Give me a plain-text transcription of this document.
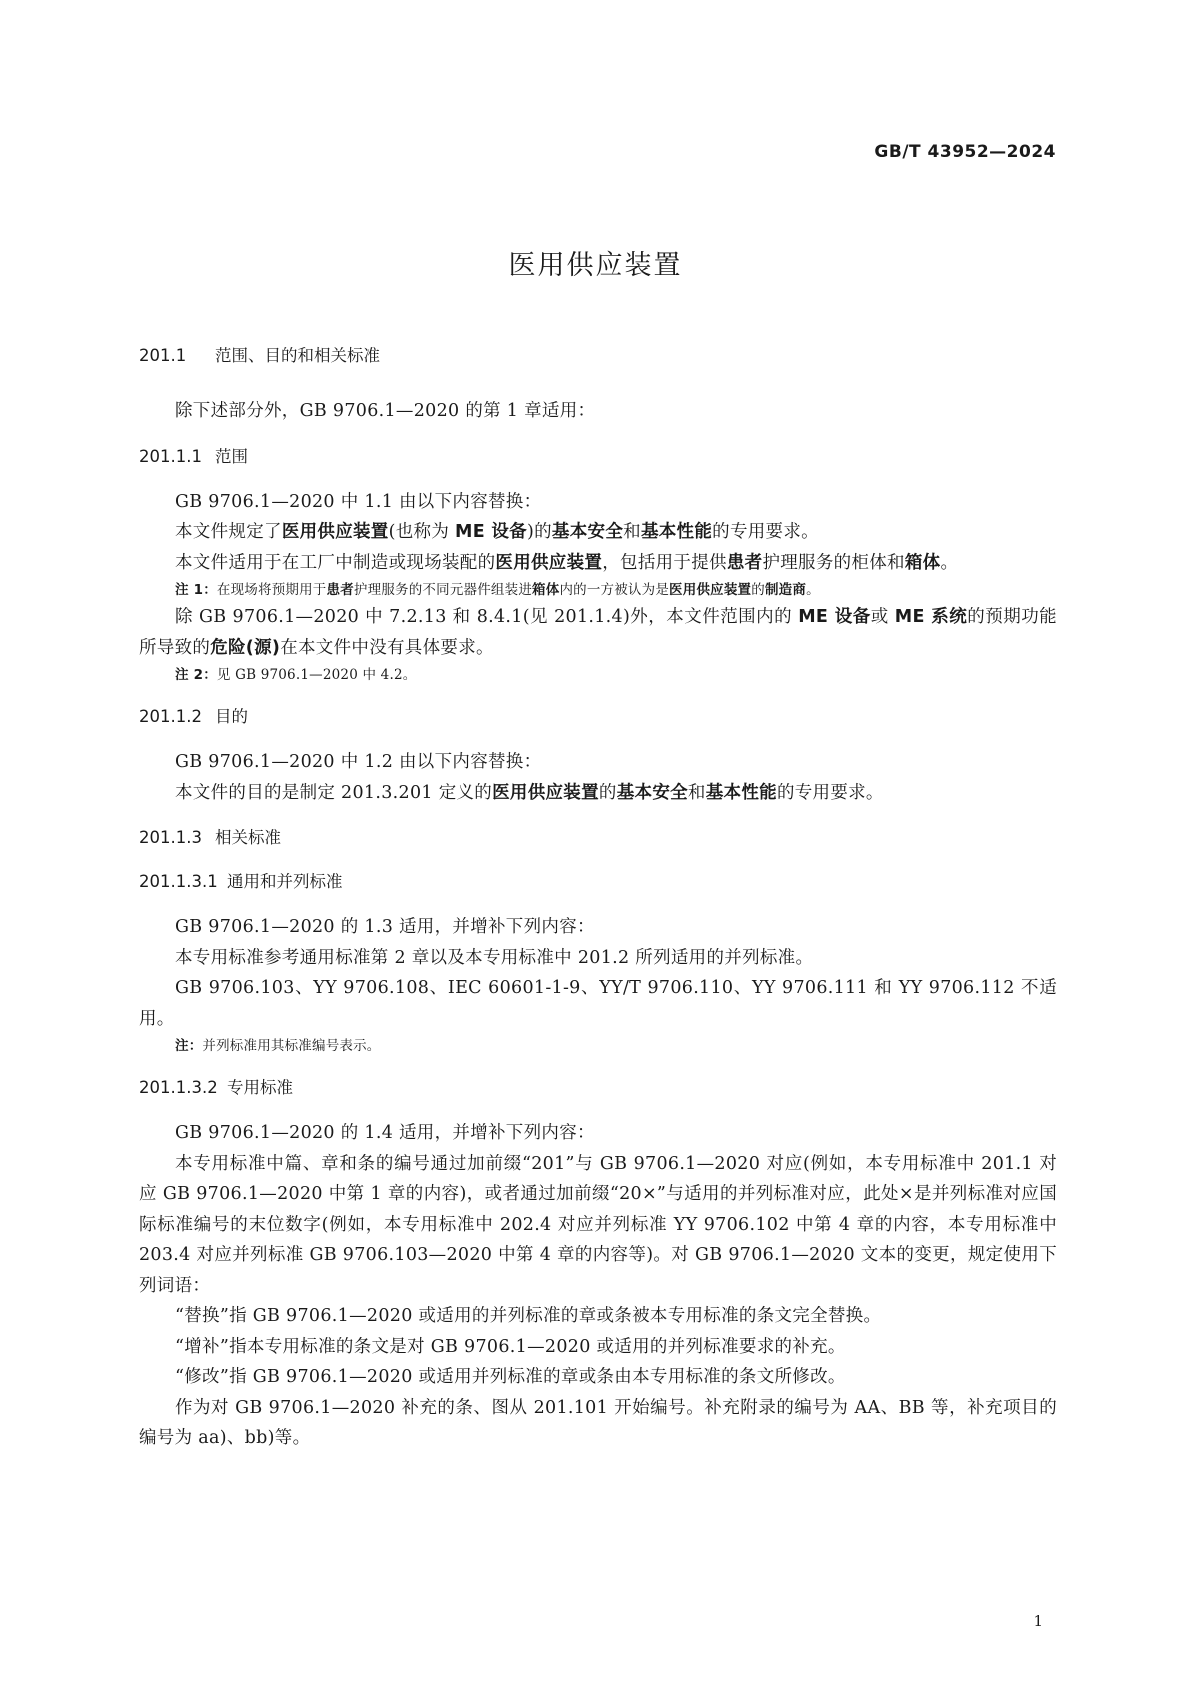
GB/T 43952—2024
医用供应装置
201.1 范围、目的和相关标准

除下述部分外，GB 9706.1—2020 的第 1 章适用：

201.1.1 范围

GB 9706.1—2020 中 1.1 由以下内容替换：

本文件规定了医用供应装置(也称为 ME 设备)的基本安全和基本性能的专用要求。

本文件适用于在工厂中制造或现场装配的医用供应装置，包括用于提供患者护理服务的柜体和箱体。

注 1：在现场将预期用于患者护理服务的不同元器件组装进箱体内的一方被认为是医用供应装置的制造商。

除 GB 9706.1—2020 中 7.2.13 和 8.4.1(见 201.1.4)外，本文件范围内的 ME 设备或 ME 系统的预期功能所导致的危险(源)在本文件中没有具体要求。

注 2：见 GB 9706.1—2020 中 4.2。

201.1.2 目的

GB 9706.1—2020 中 1.2 由以下内容替换：

本文件的目的是制定 201.3.201 定义的医用供应装置的基本安全和基本性能的专用要求。

201.1.3 相关标准
201.1.3.1 通用和并列标准

GB 9706.1—2020 的 1.3 适用，并增补下列内容：

本专用标准参考通用标准第 2 章以及本专用标准中 201.2 所列适用的并列标准。

GB 9706.103、YY 9706.108、IEC 60601-1-9、YY/T 9706.110、YY 9706.111 和 YY 9706.112 不适用。

注：并列标准用其标准编号表示。

201.1.3.2 专用标准

GB 9706.1—2020 的 1.4 适用，并增补下列内容：

本专用标准中篇、章和条的编号通过加前缀“201”与 GB 9706.1—2020 对应(例如，本专用标准中 201.1 对应 GB 9706.1—2020 中第 1 章的内容)，或者通过加前缀“20×”与适用的并列标准对应，此处×是并列标准对应国际标准编号的末位数字(例如，本专用标准中 202.4 对应并列标准 YY 9706.102 中第 4 章的内容，本专用标准中 203.4 对应并列标准 GB 9706.103—2020 中第 4 章的内容等)。对 GB 9706.1—2020 文本的变更，规定使用下列词语：

“替换”指 GB 9706.1—2020 或适用的并列标准的章或条被本专用标准的条文完全替换。

“增补”指本专用标准的条文是对 GB 9706.1—2020 或适用的并列标准要求的补充。

“修改”指 GB 9706.1—2020 或适用并列标准的章或条由本专用标准的条文所修改。

作为对 GB 9706.1—2020 补充的条、图从 201.101 开始编号。补充附录的编号为 AA、BB 等，补充项目的编号为 aa)、bb)等。

1
